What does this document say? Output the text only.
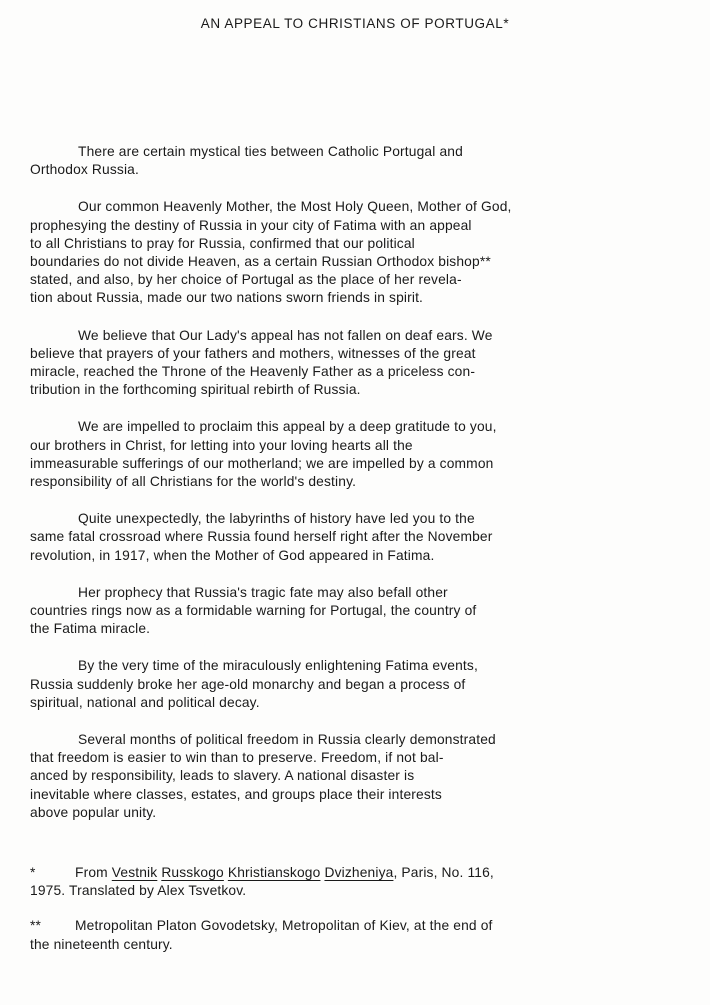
AN APPEAL TO CHRISTIANS OF PORTUGAL*

There are certain mystical ties between Catholic Portugal and
Orthodox Russia.

Our common Heavenly Mother, the Most Holy Queen, Mother of God,
prophesying the destiny of Russia in your city of Fatima with an appeal
to all Christians to pray for Russia, confirmed that our political
boundaries do not divide Heaven, as a certain Russian Orthodox bishop**
stated, and also, by her choice of Portugal as the place of her revela-
tion about Russia, made our two nations sworn friends in spirit.

We believe that Our Lady's appeal has not fallen on deaf ears. We
believe that prayers of your fathers and mothers, witnesses of the great
miracle, reached the Throne of the Heavenly Father as a priceless con-
tribution in the forthcoming spiritual rebirth of Russia.

We are impelled to proclaim this appeal by a deep gratitude to you,
our brothers in Christ, for letting into your loving hearts all the
immeasurable sufferings of our motherland; we are impelled by a common
responsibility of all Christians for the world's destiny.

Quite unexpectedly, the labyrinths of history have led you to the
same fatal crossroad where Russia found herself right after the November
revolution, in 1917, when the Mother of God appeared in Fatima.

Her prophecy that Russia's tragic fate may also befall other
countries rings now as a formidable warning for Portugal, the country of
the Fatima miracle.

By the very time of the miraculously enlightening Fatima events,
Russia suddenly broke her age-old monarchy and began a process of
spiritual, national and political decay.

Several months of political freedom in Russia clearly demonstrated
that freedom is easier to win than to preserve. Freedom, if not bal-
anced by responsibility, leads to slavery. A national disaster is
inevitable where classes, estates, and groups place their interests
above popular unity.

*	From Vestnik Russkogo Khristianskogo Dvizheniya, Paris, No. 116,
1975. Translated by Alex Tsvetkov.
** Metropolitan Platon Govodetsky, Metropolitan of Kiev, at the end of
the nineteenth century.
